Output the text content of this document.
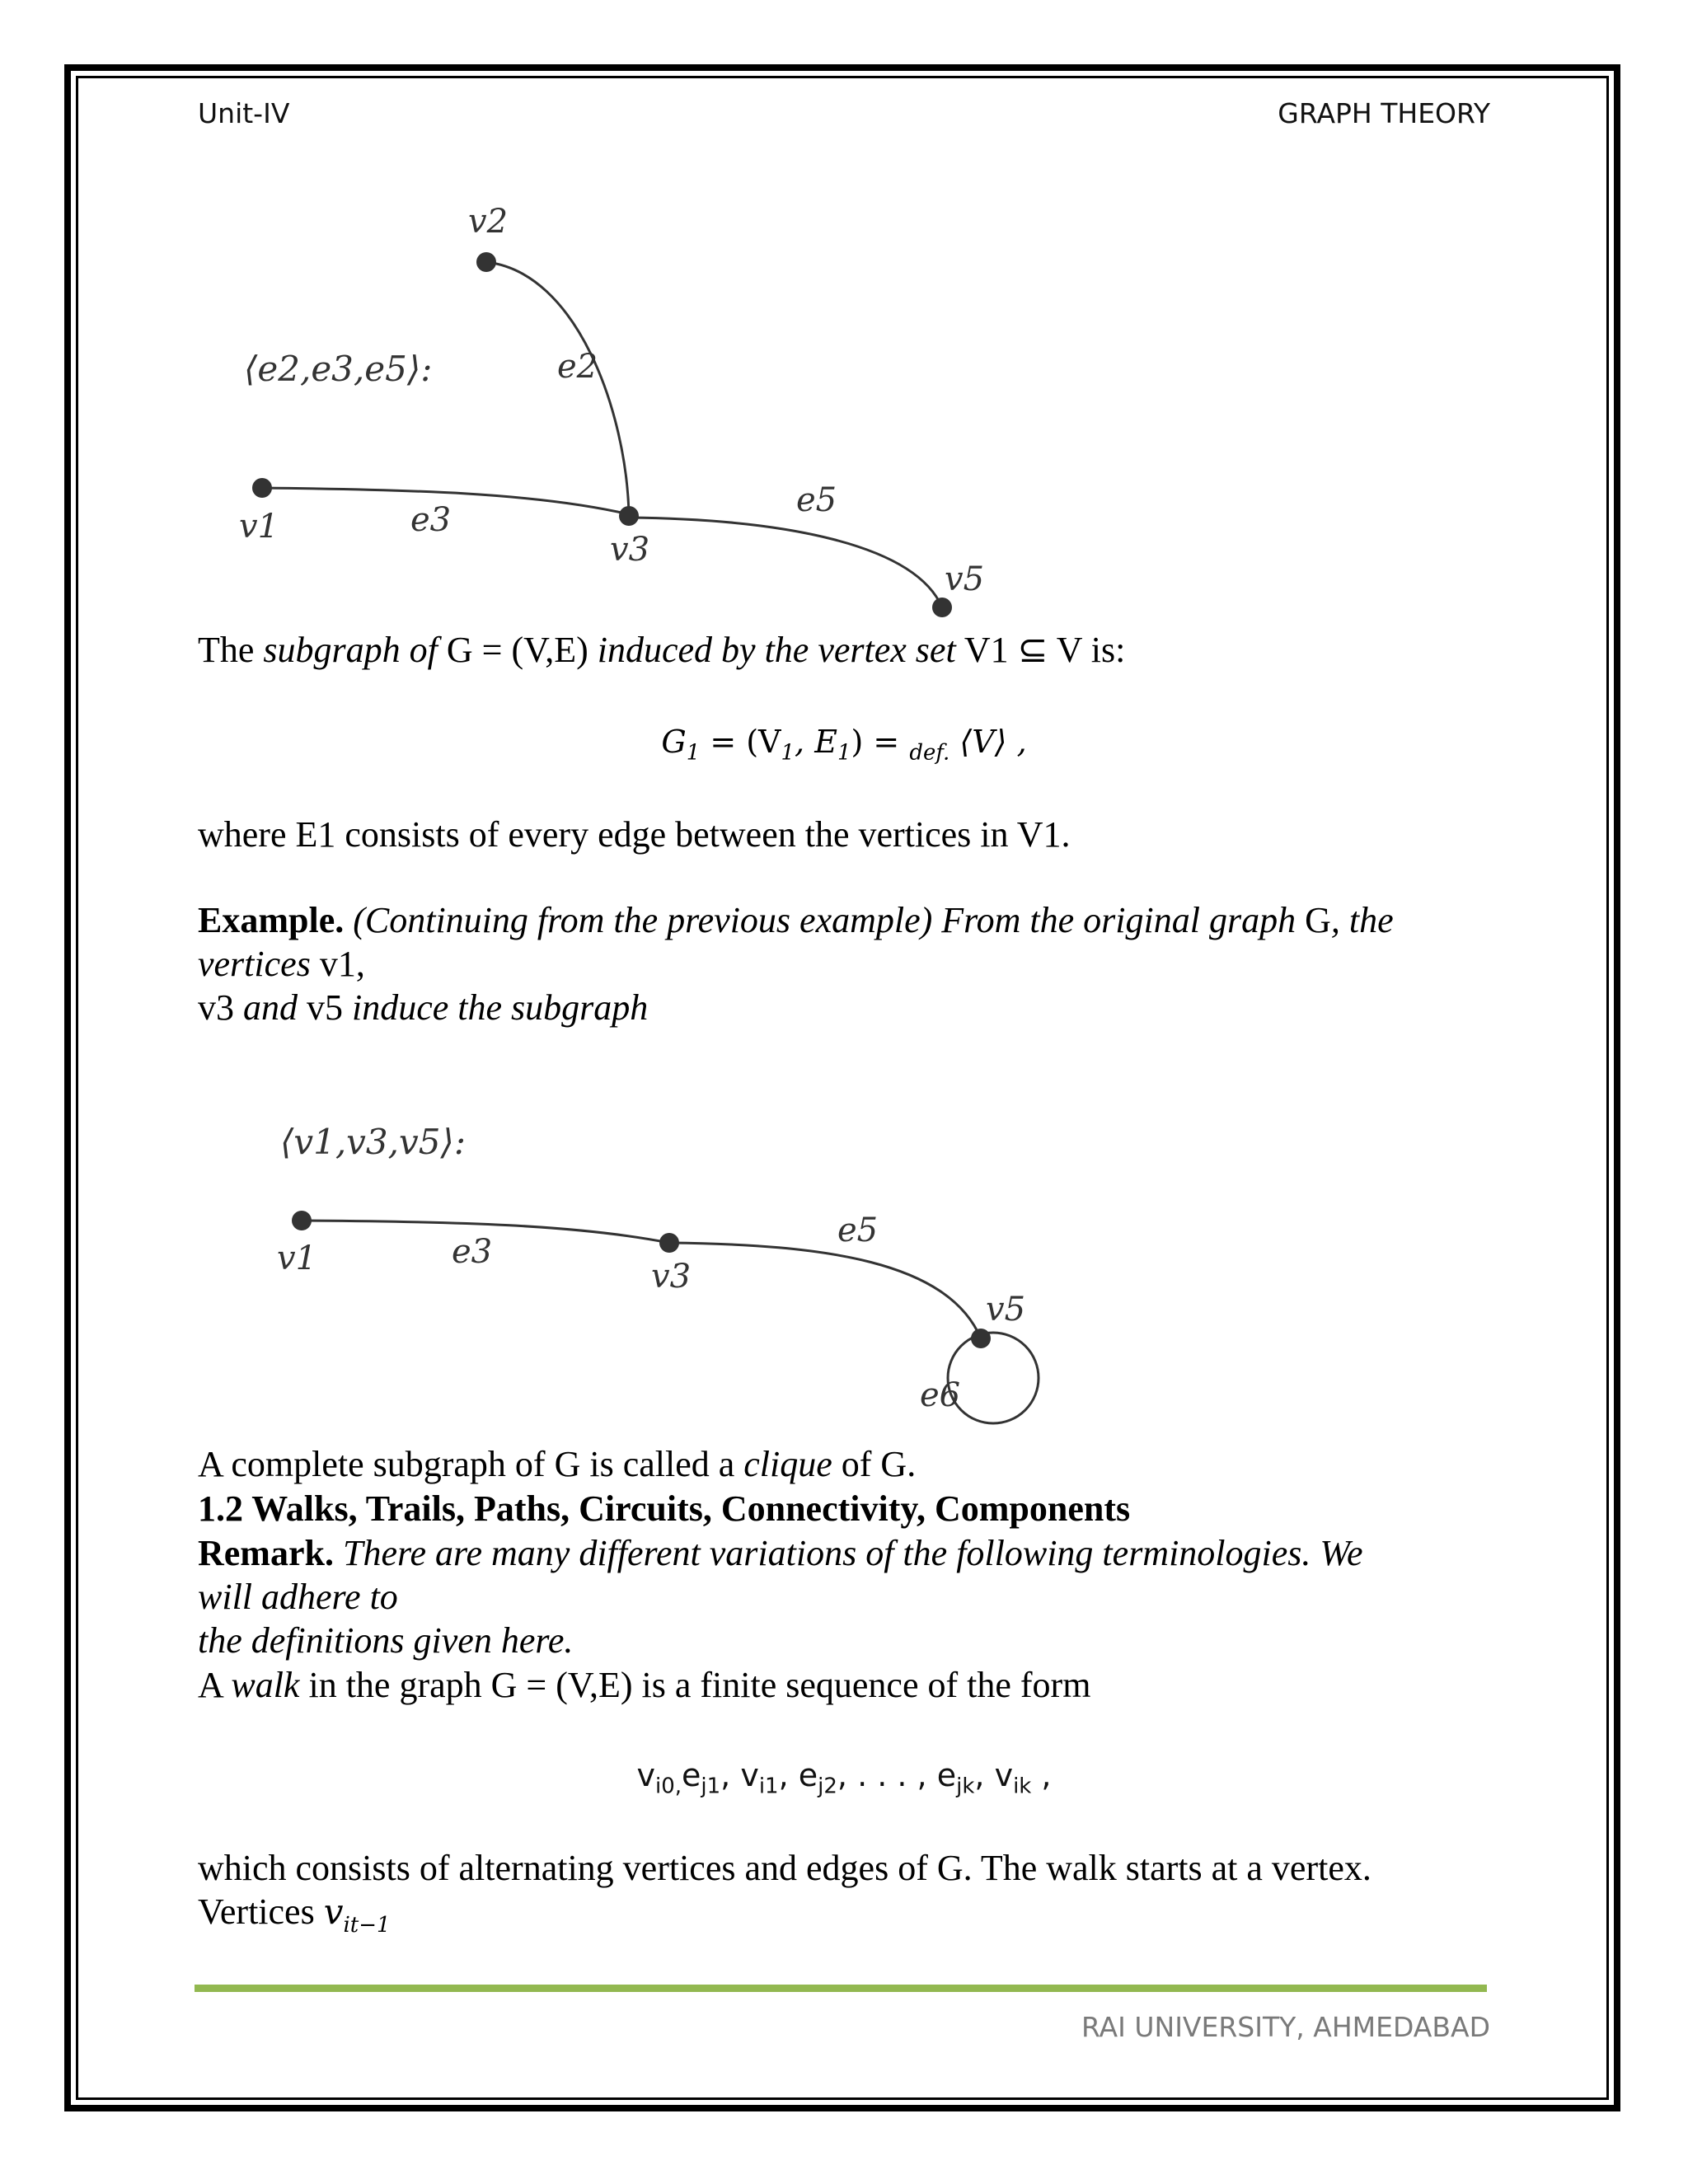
Unit-IV	GRAPH THEORY
⟨e2,e3,e5⟩:
v2
e2
v1	e3
v3
e5
v5
The subgraph of G = (V,E) induced by the vertex set V1 ⊆ V is:
$G_1 = (V_1$, $E_1) = _{def.}$ ⟨V⟩ ,
where E1 consists of every edge between the vertices in V1.
Example. (Continuing from the previous example) From the original graph G, the
vertices v1,
v3 and v5 induce the subgraph
⟨v1,v3,v5⟩:
v1	e3
v3
e5
v5
e6
A complete subgraph of G is called a clique of G.
1.2 Walks, Trails, Paths, Circuits, Connectivity, Components
Remark. There are many different variations of the following terminologies. We
will adhere to
the definitions given here.
A walk in the graph G = (V,E) is a finite sequence of the form
$v_{i0,}e_{j1}$, $v_{i1}$, $e_{j2}$, . . . , $e_{jk}$, $v_{ik}$ ,
which consists of alternating vertices and edges of G. The walk starts at a vertex.
Vertices $v_{it-1}$
RAI UNIVERSITY, AHMEDABAD
